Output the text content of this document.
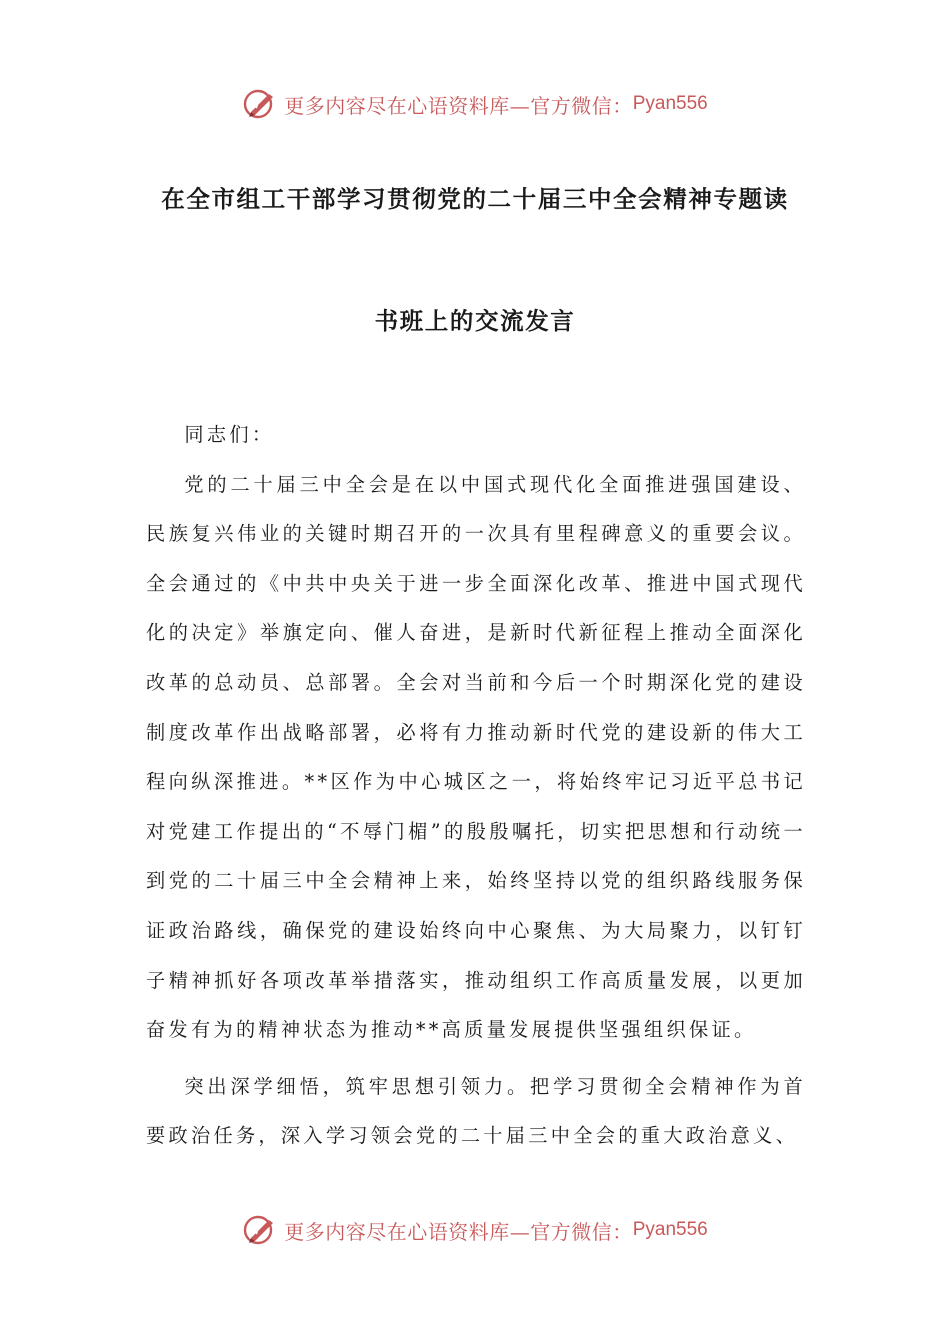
更多内容尽在心语资料库—官方微信： Pyan556
在全市组工干部学习贯彻党的二十届三中全会精神专题读
书班上的交流发言

同志们：

党的二十届三中全会是在以中国式现代化全面推进强国建设、民族复兴伟业的关键时期召开的一次具有里程碑意义的重要会议。全会通过的《中共中央关于进一步全面深化改革、推进中国式现代化的决定》举旗定向、催人奋进，是新时代新征程上推动全面深化改革的总动员、总部署。全会对当前和今后一个时期深化党的建设制度改革作出战略部署，必将有力推动新时代党的建设新的伟大工程向纵深推进。**区作为中心城区之一，将始终牢记习近平总书记对党建工作提出的“不辱门楣”的殷殷嘱托，切实把思想和行动统一到党的二十届三中全会精神上来，始终坚持以党的组织路线服务保证政治路线，确保党的建设始终向中心聚焦、为大局聚力，以钉钉子精神抓好各项改革举措落实，推动组织工作高质量发展，以更加奋发有为的精神状态为推动**高质量发展提供坚强组织保证。

突出深学细悟，筑牢思想引领力。把学习贯彻全会精神作为首要政治任务，深入学习领会党的二十届三中全会的重大政治意义、

更多内容尽在心语资料库—官方微信： Pyan556
